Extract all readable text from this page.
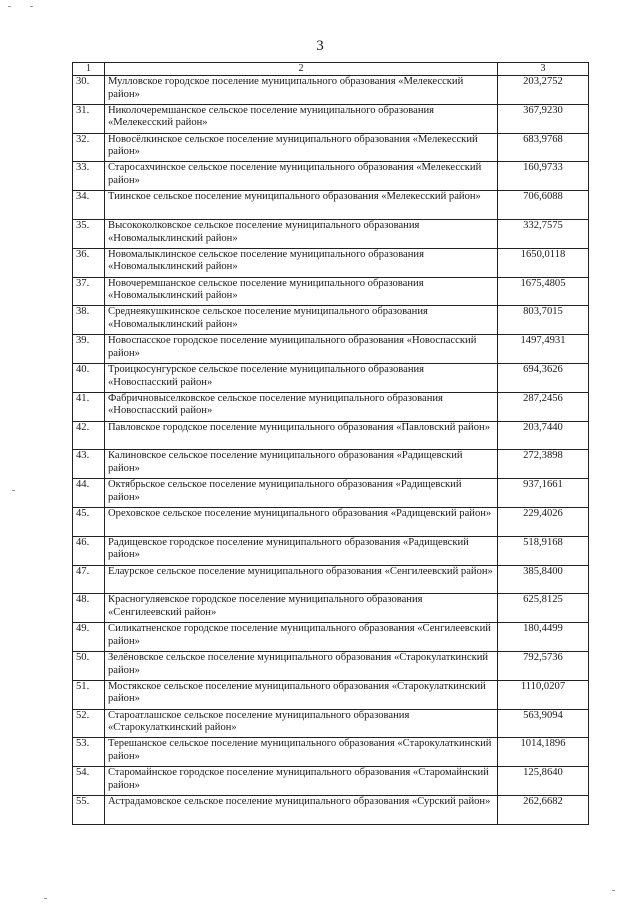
3
1	2	3
30.	Мулловское городское поселение муниципального образования «Мелекесский район»	203,2752
31.	Николочеремшанское сельское поселение муниципального образования «Мелекесский район»	367,9230
32.	Новосёлкинское сельское поселение муниципального образования «Мелекесский район»	683,9768
33.	Старосахчинское сельское поселение муниципального образования «Мелекесский район»	160,9733
34.	Тиинское сельское поселение муниципального образования «Мелекесский район»	706,6088
35.	Высококолковское сельское поселение муниципального образования «Новомалыклинский район»	332,7575
36.	Новомалыклинское сельское поселение муниципального образования «Новомалыклинский район»	1650,0118
37.	Новочеремшанское сельское поселение муниципального образования «Новомалыклинский район»	1675,4805
38.	Среднеякушкинское сельское поселение муниципального образования «Новомалыклинский район»	803,7015
39.	Новоспасское городское поселение муниципального образования «Новоспасский район»	1497,4931
40.	Троицкосунгурское сельское поселение муниципального образования «Новоспасский район»	694,3626
41.	Фабричновыселковское сельское поселение муниципального образования «Новоспасский район»	287,2456
42.	Павловское городское поселение муниципального образования «Павловский район»	203,7440
43.	Калиновское сельское поселение муниципального образования «Радищевский район»	272,3898
44.	Октябрьское сельское поселение муниципального образования «Радищевский район»	937,1661
45.	Ореховское сельское поселение муниципального образования «Радищевский район»	229,4026
46.	Радищевское городское поселение муниципального образования «Радищевский район»	518,9168
47.	Елаурское сельское поселение муниципального образования «Сенгилеевский район»	385,8400
48.	Красногуляевское городское поселение муниципального образования «Сенгилеевский район»	625,8125
49.	Силикатненское городское поселение муниципального образования «Сенгилеевский район»	180,4499
50.	Зелёновское сельское поселение муниципального образования «Старокулаткинский район»	792,5736
51.	Мостякское сельское поселение муниципального образования «Старокулаткинский район»	1110,0207
52.	Староатлашское сельское поселение муниципального образования «Старокулаткинский район»	563,9094
53.	Терешанское сельское поселение муниципального образования «Старокулаткинский район»	1014,1896
54.	Старомайнское городское поселение муниципального образования «Старомайнский район»	125,8640
55.	Астрадамовское сельское поселение муниципального образования «Сурский район»	262,6682
